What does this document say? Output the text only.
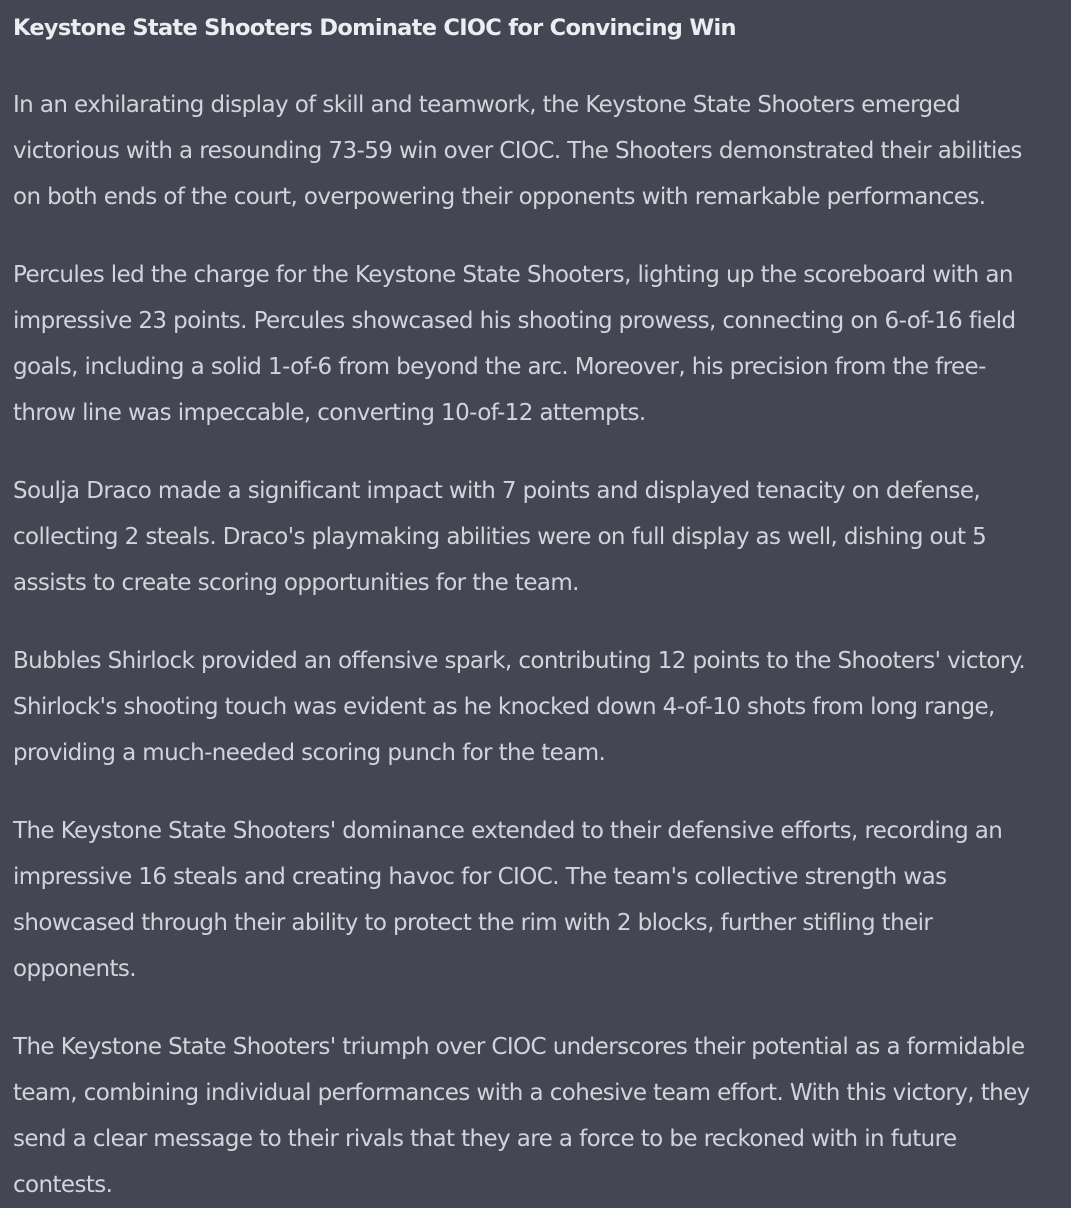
Keystone State Shooters Dominate CIOC for Convincing Win

In an exhilarating display of skill and teamwork, the Keystone State Shooters emerged
victorious with a resounding 73-59 win over CIOC. The Shooters demonstrated their abilities
on both ends of the court, overpowering their opponents with remarkable performances.

Percules led the charge for the Keystone State Shooters, lighting up the scoreboard with an
impressive 23 points. Percules showcased his shooting prowess, connecting on 6-of-16 field
goals, including a solid 1-of-6 from beyond the arc. Moreover, his precision from the free-
throw line was impeccable, converting 10-of-12 attempts.

Soulja Draco made a significant impact with 7 points and displayed tenacity on defense,
collecting 2 steals. Draco's playmaking abilities were on full display as well, dishing out 5
assists to create scoring opportunities for the team.

Bubbles Shirlock provided an offensive spark, contributing 12 points to the Shooters' victory.
Shirlock's shooting touch was evident as he knocked down 4-of-10 shots from long range,
providing a much-needed scoring punch for the team.

The Keystone State Shooters' dominance extended to their defensive efforts, recording an
impressive 16 steals and creating havoc for CIOC. The team's collective strength was
showcased through their ability to protect the rim with 2 blocks, further stifling their
opponents.

The Keystone State Shooters' triumph over CIOC underscores their potential as a formidable
team, combining individual performances with a cohesive team effort. With this victory, they
send a clear message to their rivals that they are a force to be reckoned with in future
contests.
